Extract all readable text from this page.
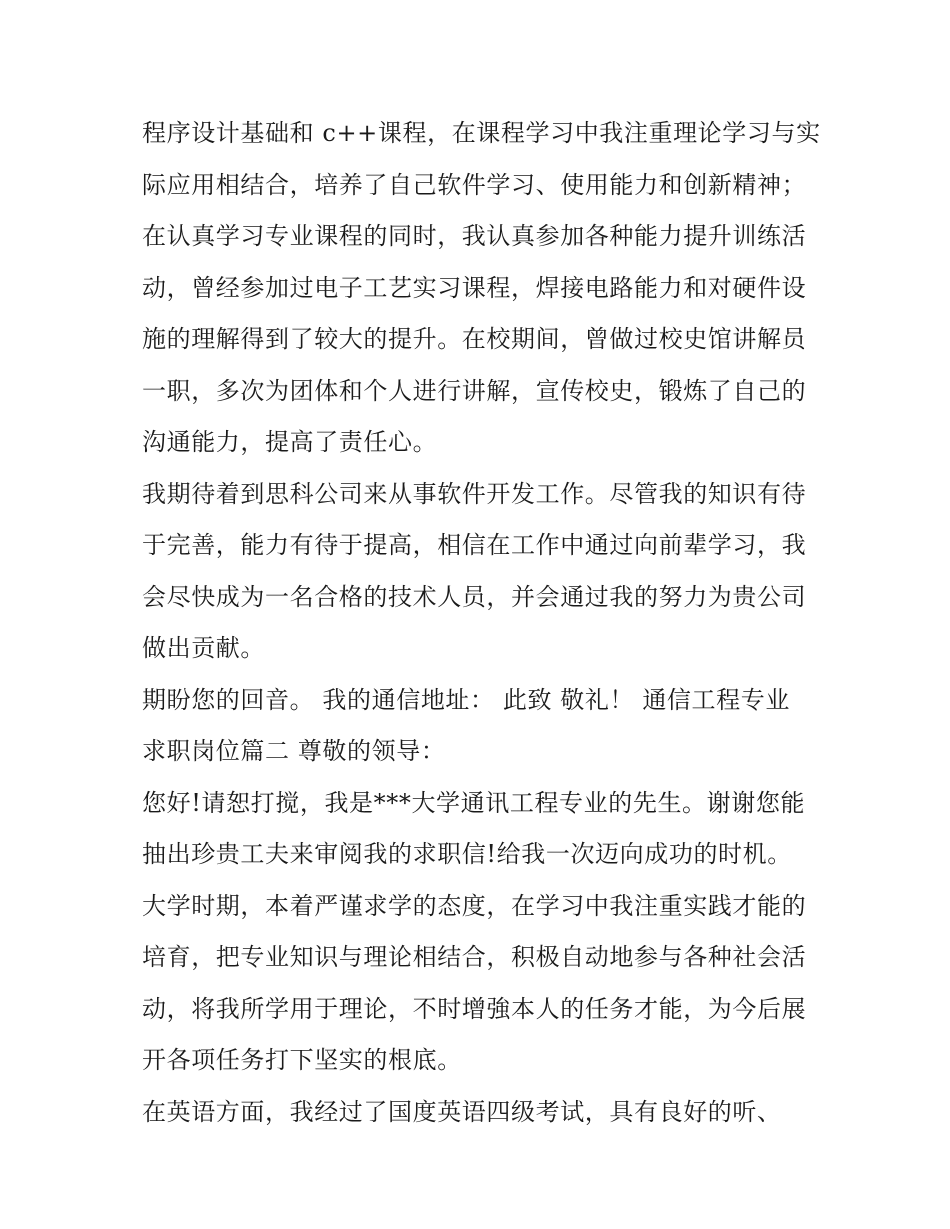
程序设计基础和 c++课程，在课程学习中我注重理论学习与实
际应用相结合，培养了自己软件学习、使用能力和创新精神；
在认真学习专业课程的同时，我认真参加各种能力提升训练活
动，曾经参加过电子工艺实习课程，焊接电路能力和对硬件设
施的理解得到了较大的提升。在校期间，曾做过校史馆讲解员
一职，多次为团体和个人进行讲解，宣传校史，锻炼了自己的
沟通能力，提高了责任心。
我期待着到思科公司来从事软件开发工作。尽管我的知识有待
于完善，能力有待于提高，相信在工作中通过向前辈学习，我
会尽快成为一名合格的技术人员，并会通过我的努力为贵公司
做出贡献。
期盼您的回音。 我的通信地址： 此致 敬礼！ 通信工程专业
求职岗位篇二 尊敬的领导：
您好!请恕打搅，我是***大学通讯工程专业的先生。谢谢您能
抽出珍贵工夫来审阅我的求职信!给我一次迈向成功的时机。
大学时期，本着严谨求学的态度，在学习中我注重实践才能的
培育，把专业知识与理论相结合，积极自动地参与各种社会活
动，将我所学用于理论，不时增強本人的任务才能，为今后展
开各项任务打下坚实的根底。
在英语方面，我经过了国度英语四级考试，具有良好的听、
